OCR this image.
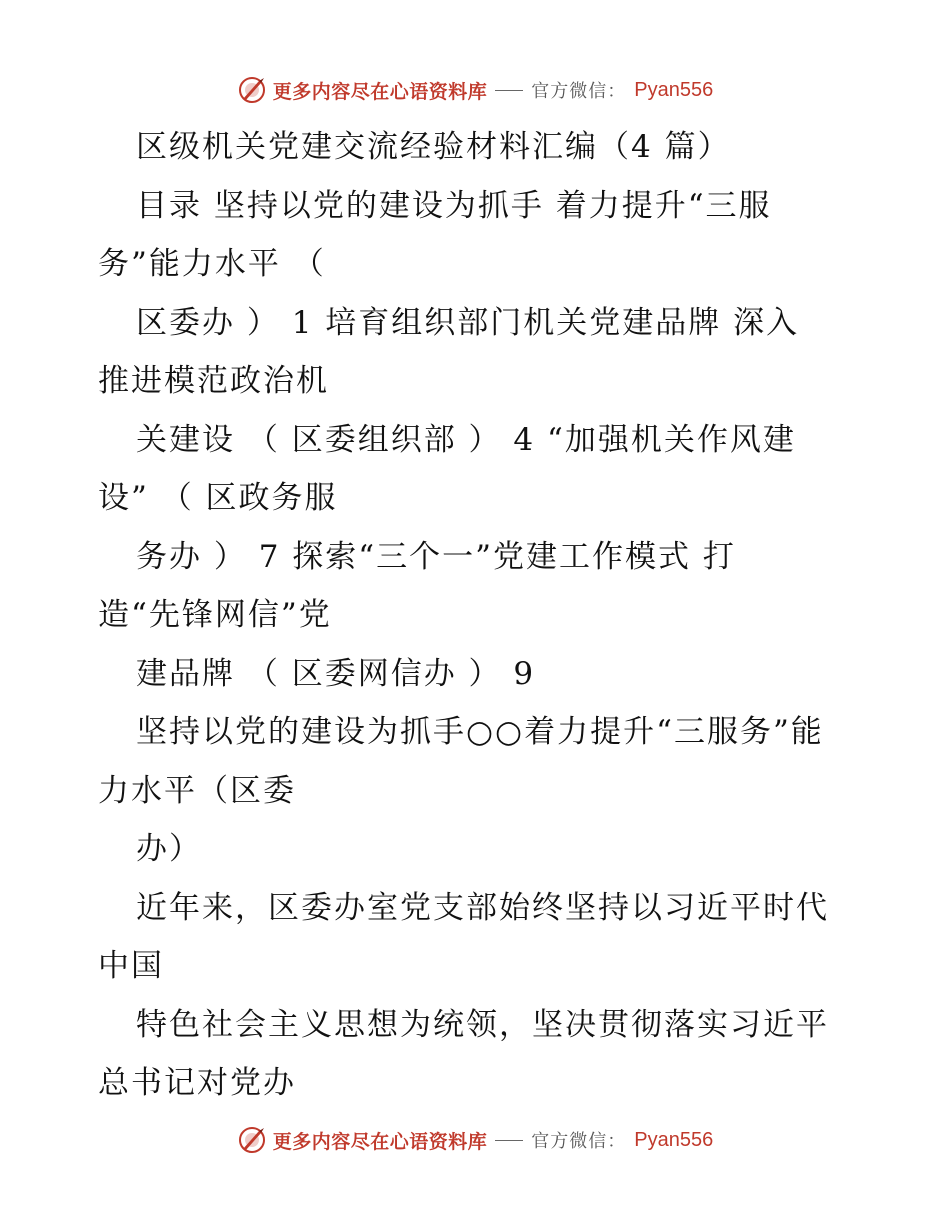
更多内容尽在心语资料库 官方微信： Pyan556
区级机关党建交流经验材料汇编（4 篇）
目录 坚持以党的建设为抓手 着力提升“三服
务”能力水平 （
区委办 ） 1 培育组织部门机关党建品牌 深入
推进模范政治机
关建设 （ 区委组织部 ） 4 “加强机关作风建
设” （ 区政务服
务办 ） 7 探索“三个一”党建工作模式 打
造“先锋网信”党
建品牌 （ 区委网信办 ） 9
坚持以党的建设为抓手○○着力提升“三服务”能
力水平（区委
办）
近年来，区委办室党支部始终坚持以习近平时代
中国
特色社会主义思想为统领，坚决贯彻落实习近平
总书记对党办
更多内容尽在心语资料库 官方微信： Pyan556
